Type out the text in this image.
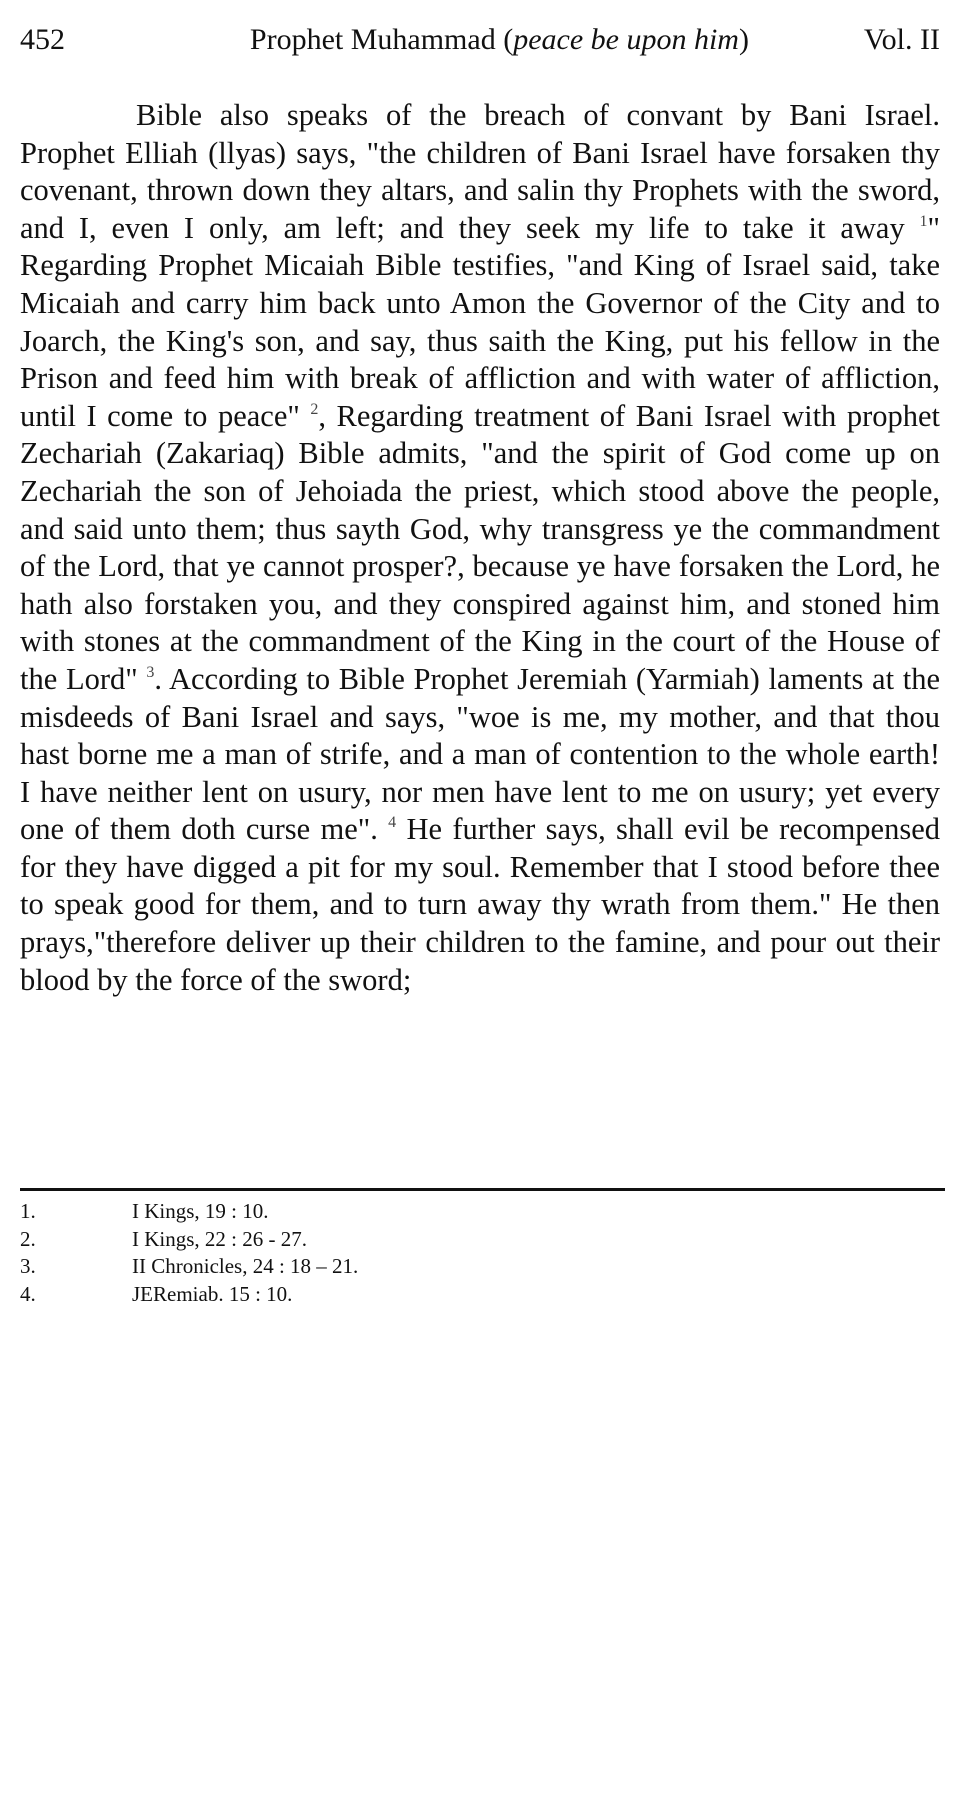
452	Prophet Muhammad (peace be upon him)	Vol. II

Bible also speaks of the breach of convant by Bani Israel. Prophet Elliah (llyas) says, "the children of Bani Israel have forsaken thy covenant, thrown down they altars, and salin thy Prophets with the sword, and I, even I only, am left; and they seek my life to take it away $^1$" Regarding Prophet Micaiah Bible testifies, "and King of Israel said, take Micaiah and carry him back unto Amon the Governor of the City and to Joarch, the King's son, and say, thus saith the King, put his fellow in the Prison and feed him with break of affliction and with water of affliction, until I come to peace" $^2$, Regarding treatment of Bani Israel with prophet Zechariah (Zakariaq) Bible admits, "and the spirit of God come up on Zechariah the son of Jehoiada the priest, which stood above the people, and said unto them; thus sayth God, why transgress ye the commandment of the Lord, that ye cannot prosper?, because ye have forsaken the Lord, he hath also forstaken you, and they conspired against him, and stoned him with stones at the commandment of the King in the court of the House of the Lord" $^3$. According to Bible Prophet Jeremiah (Yarmiah) laments at the misdeeds of Bani Israel and says, "woe is me, my mother, and that thou hast borne me a man of strife, and a man of contention to the whole earth! I have neither lent on usury, nor men have lent to me on usury; yet every one of them doth curse me". $^4$ He further says, shall evil be recompensed for they have digged a pit for my soul. Remember that I stood before thee to speak good for them, and to turn away thy wrath from them." He then prays,"therefore deliver up their children to the famine, and pour out their blood by the force of the sword;

1.	I Kings, 19 : 10.
2.	I Kings, 22 : 26 - 27.
3.	II Chronicles, 24 : 18 – 21.
4.	JERemiab. 15 : 10.
